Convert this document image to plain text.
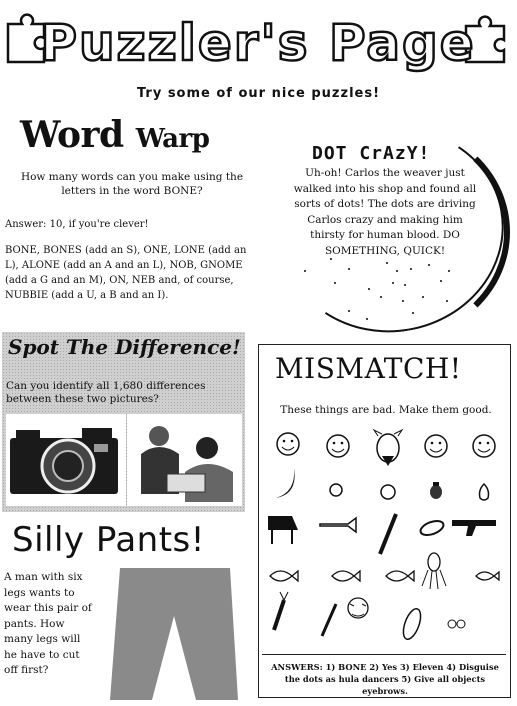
Puzzler's Page
Try some of our nice puzzles!
Word Warp
How many words can you make using the letters in the word BONE?
Answer: 10, if you're clever!
BONE, BONES (add an S), ONE, LONE (add an L), ALONE (add an A and an L), NOB, GNOME (add a G and an M), ON, NEB and, of course, NUBBIE (add a U, a B and an I).
DOT CrAzY!
Uh-oh! Carlos the weaver just walked into his shop and found all sorts of dots! The dots are driving Carlos crazy and making him thirsty for human blood. DO SOMETHING, QUICK!
Spot The Difference!
Can you identify all 1,680 differences between these two pictures?
Silly Pants!
A man with six legs wants to wear this pair of pants. How many legs will he have to cut off first?
MISMATCH!
These things are bad. Make them good.
ANSWERS: 1) BONE 2) Yes 3) Eleven 4) Disguise the dots as hula dancers 5) Give all objects eyebrows.
